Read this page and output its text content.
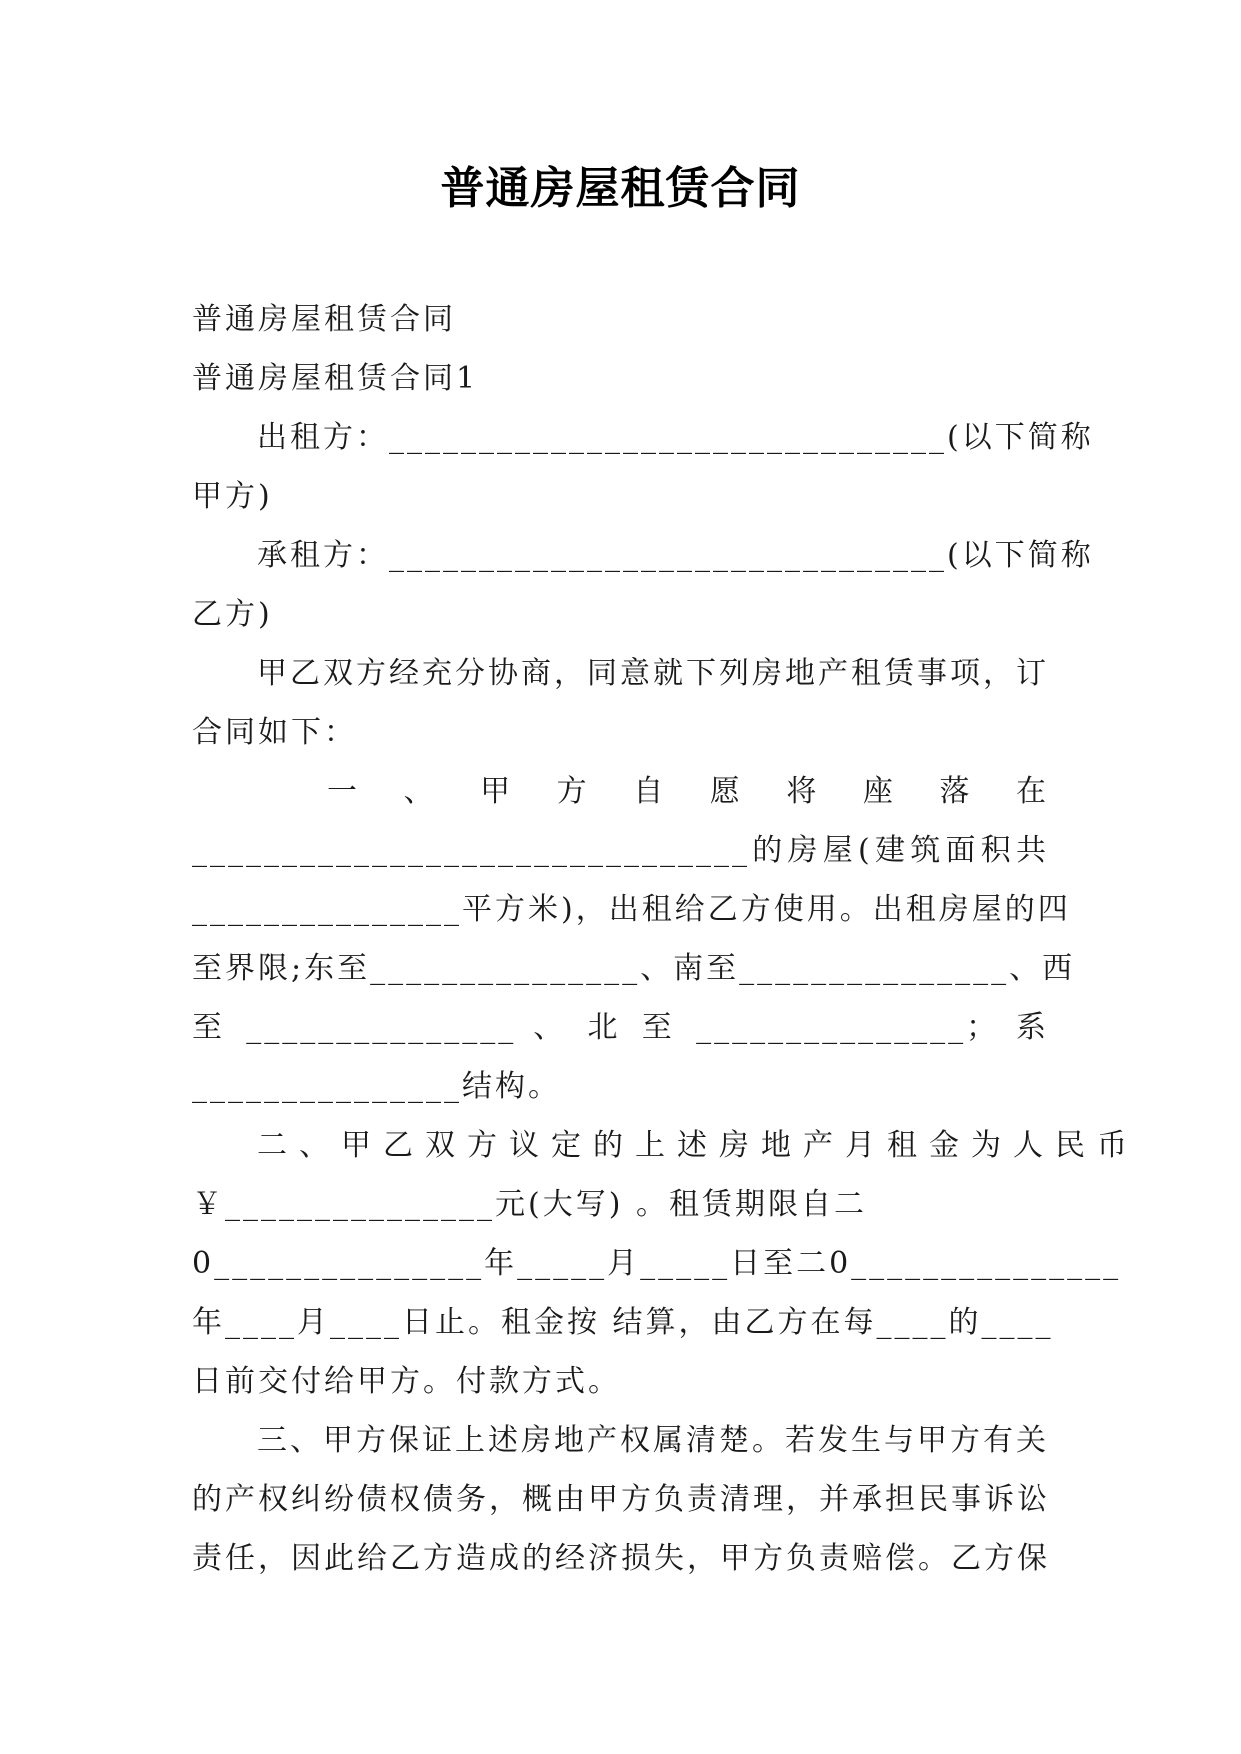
普通房屋租赁合同
普通房屋租赁合同
普通房屋租赁合同1
出租方：_______________________________(以下简称
甲方)
承租方：_______________________________(以下简称
乙方)
甲乙双方经充分协商，同意就下列房地产租赁事项，订
合同如下：
一 、 甲 方 自 愿 将 座 落 在
_______________________________的房屋(建筑面积共
_______________平方米)，出租给乙方使用。出租房屋的四
至界限;东至_______________、南至_______________、西
至 _______________ 、 北 至 _______________； 系
_______________结构。
二、甲乙双方议定的上述房地产月租金为人民币
￥_______________元(大写) 。租赁期限自二
0_______________年_____月_____日至二0_______________
年____月____日止。租金按 结算，由乙方在每____的____
日前交付给甲方。付款方式。
三、甲方保证上述房地产权属清楚。若发生与甲方有关
的产权纠纷债权债务，概由甲方负责清理，并承担民事诉讼
责任，因此给乙方造成的经济损失，甲方负责赔偿。乙方保
